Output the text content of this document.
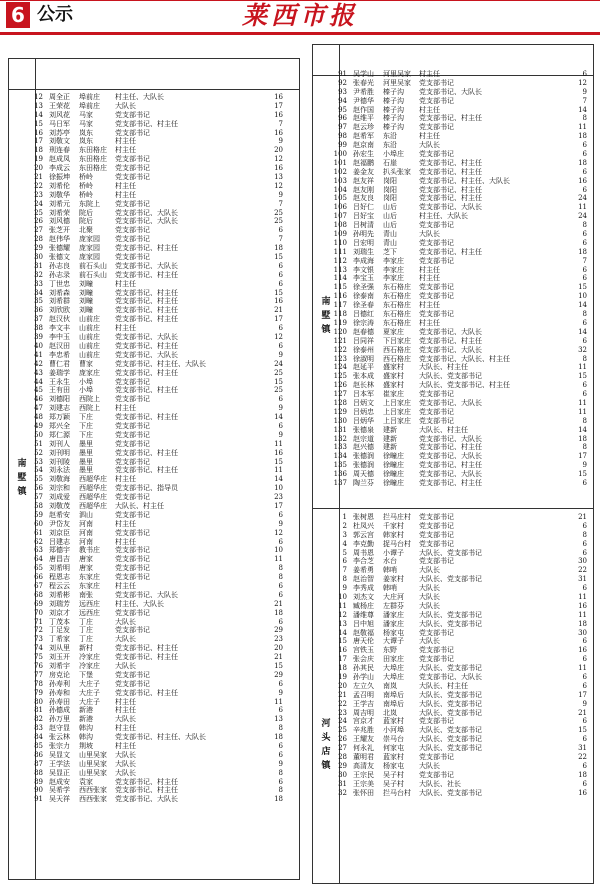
6 公示	莱西市报
南墅镇
12 周全正 埠前庄 村主任、大队长	16
13 王荣花 埠前庄 大队长	17
14 刘风花 马家	党支部书记	16
15 马日军 马家	党支部书记、村主任	7
16 刘苏亭 岚东	党支部书记	16
17 刘敬文 岚东	村主任	9
18 刑连春 东田格庄 村主任	20
19 赵成凤 东田格庄 党支部书记	12
20 李成云 东田格庄 党支部书记	16
21 徐振坤 桥岭	党支部书记	13
22 刘希伦 桥岭	村主任	12
23 刘敬华 桥岭	村主任	9
24 刘希元 东院上 党支部书记	7
25 刘希荣 院后	党支部书记、大队长	25
26 刘风德 院后	党支部书记、大队长	25
27 张芝开 北聚	党支部书记	6
28 赵伟华 庞家园 党支部书记	7
29 张德耀 庞家园 党支部书记、村主任	18
30 张德文 庞家园 党支部书记	15
31 孙志良 前石头山 党支部书记、大队长	6
32 孙志录 前石头山 党支部书记、村主任	6
33 丁世忠 刘疃	村主任	6
34 刘希森 刘疃	党支部书记、村主任	15
35 刘希群 刘疃	党支部书记、村主任	16
36 刘欣欧 刘疃	党支部书记、村主任	21
37 赵汉伙 山前庄 党支部书记、村主任	17
38 李文丰 山前庄 村主任	6
39 李中玉 山前庄 党支部书记、大队长	12
40 赵汉田 山前庄 党支部书记、村主任	6
41 李忠希 山前庄 党支部书记、大队长	9
42 曹仁君 曹家	党支部书记、村主任、大队长	24
43 姜瑞学 庞家庄 党支部书记、村主任	25
44 王永生 小埠	党支部书记	15
45 王有田 小埠	党支部书记、村主任	25
46 刘德阳 西院上 党支部书记	6
47 刘建志 西院上 村主任	9
48 郑万颖 下庄	党支部书记、村主任	14
49 郑兴全 下庄	党支部书记	6
50 郑仁源 下庄	党支部书记	9
51 刘刊人 墨里	党支部书记	11
52 刘刊明 墨里	党支部书记、村主任	16
53 刘刊陵 墨里	党支部书记	15
54 刘永法 墨里	党支部书记、村主任	11
55 刘敬海 西超华庄 村主任	14
56 刘宗和 西超华庄 党支部书记、指导员	10
57 刘成爱 西超华庄 党支部书记	23
58 刘敬茂 西超华庄 大队长、村主任	17
59 赵希安 泗山	党支部书记	6
60 尹岱友 河南	村主任	9
61 刘京臣 河南	党支部书记	12
62 吕建志 河南	村主任	6
63 郑德宇 教书庄 党支部书记	10
64 唐昌吉 唐家	党支部书记	11
65 刘希明 唐家	党支部书记	8
66 程恩志 东家庄 党支部书记	8
67 程云云 东家庄 村主任	6
68 刘希彬 南张	党支部书记、大队长	6
69 刘瑞芳 远西庄 村主任、大队长	21
70 刘京才 远西庄 党支部书记	18
71 丁茂本 丁庄	大队长	6
72 丁足发 丁庄	党支部书记	29
73 丁希家 丁庄	大队长	23
74 刘从里 新村	党支部书记、村主任	20
75 刘玉开 冷家庄 党支部书记、村主任	21
76 刘希宇 冷家庄 大队长	15
77 房克论 下堡	党支部书记	29
78 孙寿利 大庄子 党支部书记	6
79 孙寿和 大庄子 党支部书记、村主任	9
80 孙寿田 大庄子 村主任	11
81 孙德成 新港	村主任	6
82 孙万里 新港	大队长	13
83 赵守显 韩沟	村主任	8
84 张云林 韩沟	党支部书记、村主任、大队长	18
85 张宗力 荆坡	村主任	6
86 吴显文 山里吴家 大队长	6
87 王学法 山里吴家 大队长	9
88 吴显正 山里吴家 大队长	8
89 赵成安 袁家	党支部书记、村主任	6
90 吴希学 西西张家 党支部书记、村主任	8
91 吴天祥 西西张家 党支部书记、大队长	18
南墅镇
河头店镇
91 吴学山 河里吴家 村主任	6
92 张春光 河里吴家 党支部书记	12
93 尹希胜 榛子沟 党支部书记、大队长	9
94 尹德华 榛子沟 党支部书记	7
95 赵作国 榛子沟 村主任	14
96 赵维平 榛子沟 党支部书记、村主任	8
97 赵云珍 榛子沟 党支部书记	11
98 赵希军 东沿	村主任	18
99 赵京南 东沿	大队长	6
100 孙宏生 小埠庄 党支部书记	6
101 赵福鹏 石崖	党支部书记、村主任	18
102 姜金友 扒头张家 党支部书记、村主任	6
103 赵友祥 岗阳	党支部书记、村主任、大队长	16
104 赵友刚 岗阳	党支部书记、村主任	6
105 赵友良 岗阳	党支部书记、村主任	24
106 吕好仁 山后	党支部书记、大队长	11
107 吕好宝 山后	村主任、大队长	24
108 吕树清 山后	党支部书记	8
109 孙明先 青山	大队长	6
110 吕宏明 青山	党支部书记	6
111 刘瑞生 芝下	党支部书记、村主任	18
112 李成海 李家庄 党支部书记	7
113 李文银 李家庄 村主任	6
114 李宝玉 李家庄 村主任	6
115 徐圣强 东石格庄 党支部书记	15
116 徐泰南 东石格庄 党支部书记	10
117 徐圣春 东石格庄 村主任	14
118 吕德红 东石格庄 党支部书记	8
119 徐宗涛 东石格庄 村主任	6
120 赵春德 夏家庄 党支部书记、大队长	14
121 吕同祥 下吕家庄 党支部书记、村主任	6
122 徐泰州 西石格庄 党支部书记、大队长	32
123 徐淑明 西石格庄 党支部书记、大队长、村主任	8
124 赵延平 盛家村 大队长、村主任	11
125 张本成 盛家村 大队长、党支部书记	15
126 赵长林 盛家村 大队长、党支部书记、村主任	6
127 吕本军 崔家庄 党支部书记	6
128 吕炳文 上吕家庄 党支部书记、大队长	11
129 吕炳忠 上吕家庄 党支部书记	11
130 吕炳华 上吕家庄 党支部书记	8
131 张德泉 建新	大队长、村主任	14
132 赵宗道 建新	党支部书记、大队长	18
133 赵兴德 建新	党支部书记、村主任	8
134 张德润 徐疃庄 党支部书记、大队长	17
135 张德润 徐疃庄 党支部书记、村主任	9
136 周天德 徐疃庄 党支部书记、大队长	15
137 陶兰芬 徐疃庄 党支部书记、村主任	6
1 张树恩 拦马庄村 党支部书记	21
2 杜凤兴 千家村 党支部书记	6
3 郭云宫 韩家村 党支部书记	8
4 李克勤 捉马台村 党支部书记	6
5 周书恩 小谭子 大队长、党支部书记	6
6 李合芝 水台	党支部书记	30
7 姜希勇 韩哨	大队长	22
8 赵治智 姜家村 大队长、党支部书记	31
9 李秀成 韩哨	大队长	6
10 刘杰文 大庄河 大队长	11
11 臧杨庄 左群芬 大队长	16
12 潘维尊 潘家庄 大队长、党支部书记	11
13 吕中旭 潘家庄 大队长、党支部书记	18
14 赵敬福 杨家屯 党支部书记	30
15 唐天伦 大谭子 大队长	6
16 宫铁玉 东野	党支部书记	16
17 张会庆 田家庄 党支部书记	6
18 孙其民 大埠庄 大队长、党支部书记	11
19 孙学山 大埠庄 党支部书记、大队长	6
20 左立久 南岚	大队长、村主任	6
21 孟召明 南埠后 大队长、党支部书记	17
22 王学吉 南埠后 大队长、党支部书记	9
23 周吉明 北岚	大队长、党支部书记	21
24 宫京才 蓝家村 党支部书记	6
25 辛兆胜 小河埠 大队长、党支部书记	15
26 王耀友 崇马台 大队长、党支部书记	6
27 何永礼 何家屯 大队长、党支部书记	31
28 董明君 蓝家村 党支部书记	22
29 高清友 杨家屯 大队长	6
30 王宗民 吴子村 党支部书记	18
31 王宗美 吴子村 大队长、社长	6
32 张怀田 拦马台村 大队长、党支部书记	16
